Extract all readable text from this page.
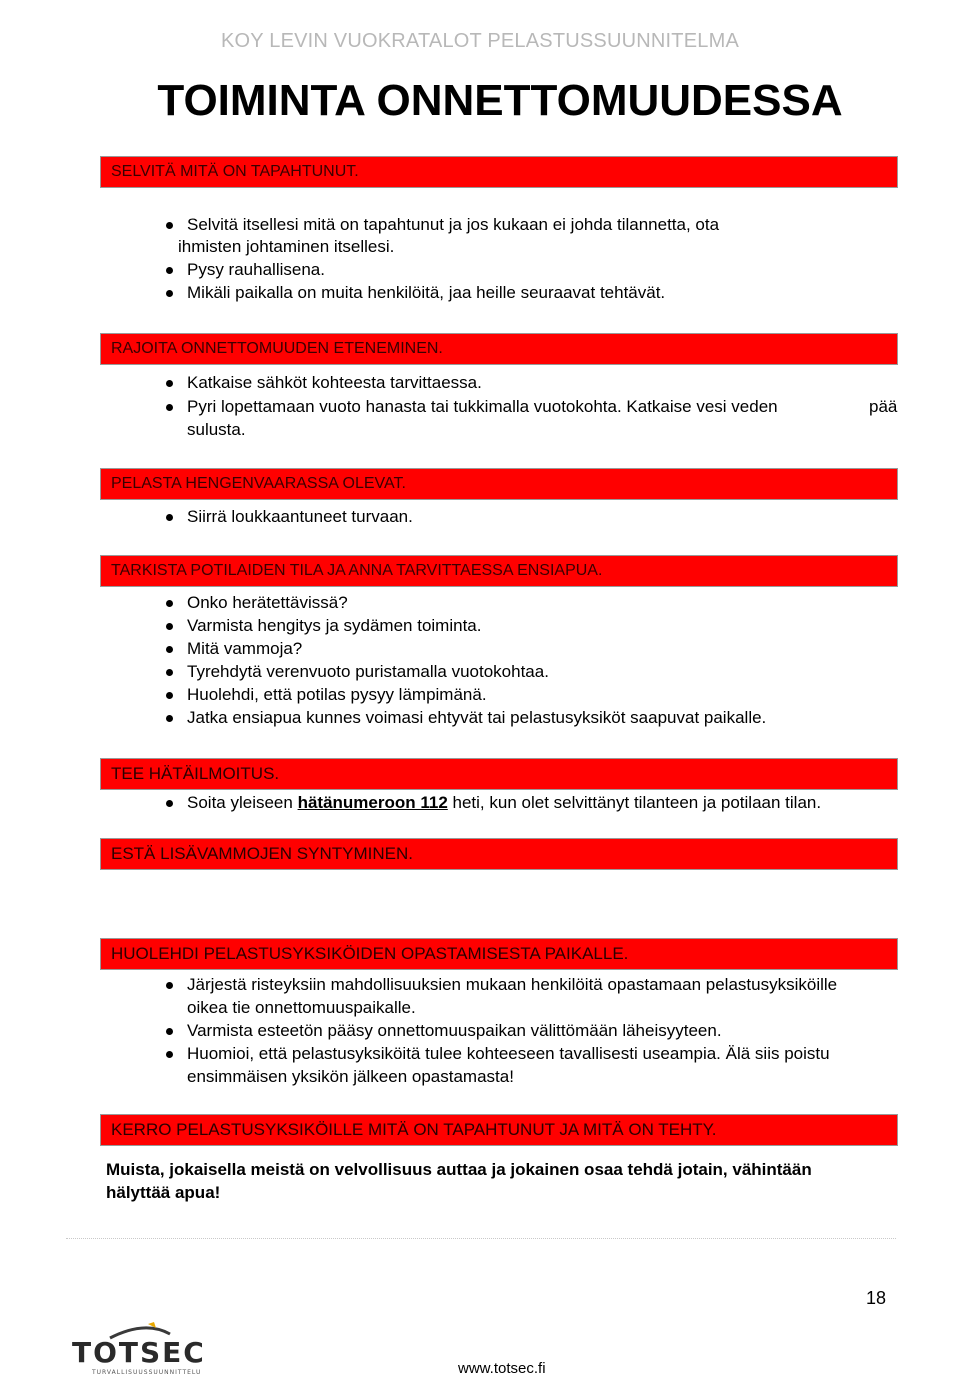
KOY LEVIN VUOKRATALOT PELASTUSSUUNNITELMA
TOIMINTA ONNETTOMUUDESSA
SELVITÄ MITÄ ON TAPAHTUNUT.
Selvitä itsellesi mitä on tapahtunut ja jos kukaan ei johda tilannetta, ota
ihmisten johtaminen itsellesi.
Pysy rauhallisena.
Mikäli paikalla on muita henkilöitä, jaa heille seuraavat tehtävät.
RAJOITA ONNETTOMUUDEN ETENEMINEN.
Katkaise sähköt kohteesta tarvittaessa.
Pyri lopettamaan vuoto hanasta tai tukkimalla vuotokohta. Katkaise vesi veden	pää
sulusta.
PELASTA HENGENVAARASSA OLEVAT.
Siirrä loukkaantuneet turvaan.
TARKISTA POTILAIDEN TILA JA ANNA TARVITTAESSA ENSIAPUA.
Onko herätettävissä?
Varmista hengitys ja sydämen toiminta.
Mitä vammoja?
Tyrehdytä verenvuoto puristamalla vuotokohtaa.
Huolehdi, että potilas pysyy lämpimänä.
Jatka ensiapua kunnes voimasi ehtyvät tai pelastusyksiköt saapuvat paikalle.
TEE HÄTÄILMOITUS.
Soita yleiseen hätänumeroon 112 heti, kun olet selvittänyt tilanteen ja potilaan tilan.
ESTÄ LISÄVAMMOJEN SYNTYMINEN.
HUOLEHDI PELASTUSYKSIKÖIDEN OPASTAMISESTA PAIKALLE.
Järjestä risteyksiin mahdollisuuksien mukaan henkilöitä opastamaan pelastusyksiköille
oikea tie onnettomuuspaikalle.
Varmista esteetön pääsy onnettomuuspaikan välittömään läheisyyteen.
Huomioi, että pelastusyksiköitä tulee kohteeseen tavallisesti useampia. Älä siis poistu
ensimmäisen yksikön jälkeen opastamasta!
KERRO PELASTUSYKSIKÖILLE MITÄ ON TAPAHTUNUT JA MITÄ ON TEHTY.
Muista, jokaisella meistä on velvollisuus auttaa ja jokainen osaa tehdä jotain, vähintään
hälyttää apua!
18
TOTSEC
TURVALLISUUSSUUNNITTELU	www.totsec.fi
